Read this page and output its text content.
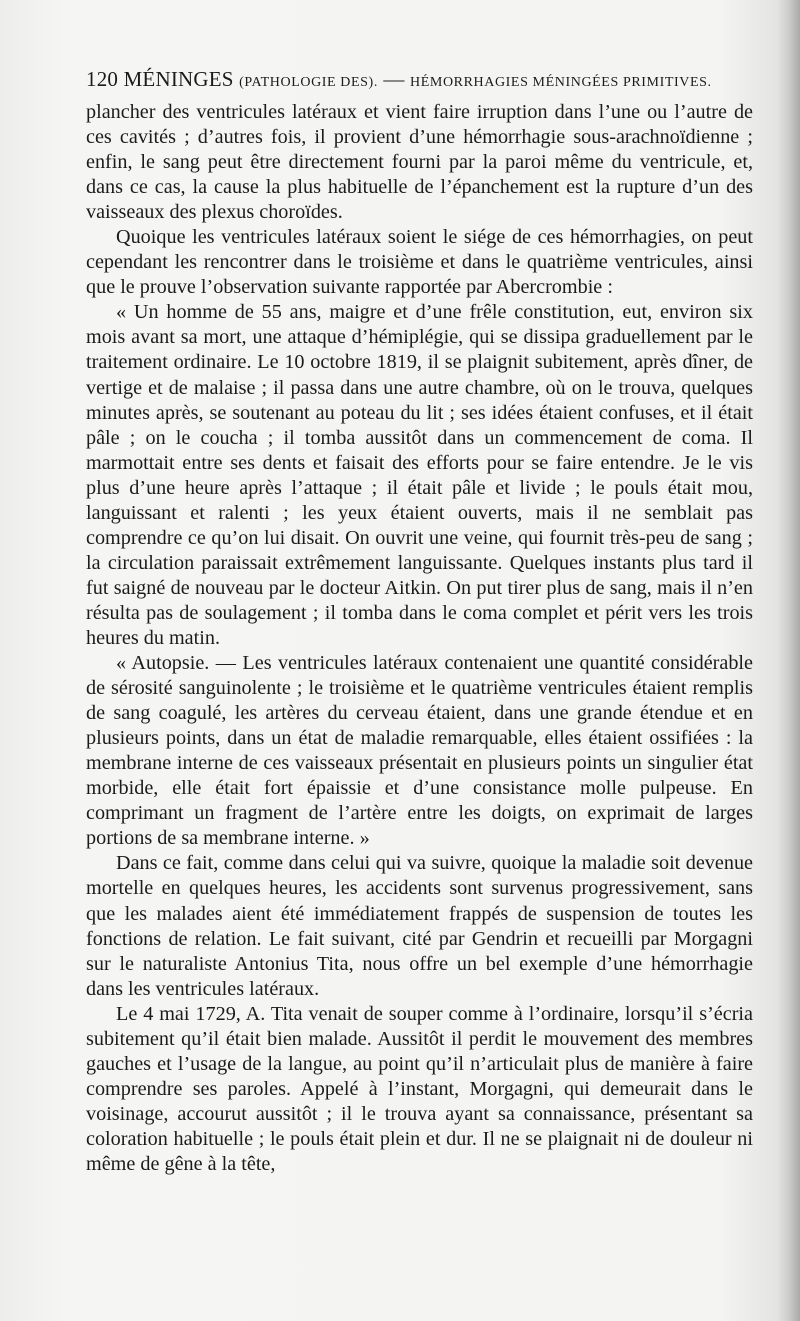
120 MÉNINGES (PATHOLOGIE DES). — HÉMORRHAGIES MÉNINGÉES PRIMITIVES.

plancher des ventricules latéraux et vient faire irruption dans l’une ou l’autre de ces cavités ; d’autres fois, il provient d’une hémorrhagie sous-arachnoïdienne ; enfin, le sang peut être directement fourni par la paroi même du ventricule, et, dans ce cas, la cause la plus habituelle de l’épanchement est la rupture d’un des vaisseaux des plexus choroïdes.

Quoique les ventricules latéraux soient le siége de ces hémorrhagies, on peut cependant les rencontrer dans le troisième et dans le quatrième ventricules, ainsi que le prouve l’observation suivante rapportée par Abercrombie :

« Un homme de 55 ans, maigre et d’une frêle constitution, eut, environ six mois avant sa mort, une attaque d’hémiplégie, qui se dissipa graduellement par le traitement ordinaire. Le 10 octobre 1819, il se plaignit subitement, après dîner, de vertige et de malaise ; il passa dans une autre chambre, où on le trouva, quelques minutes après, se soutenant au poteau du lit ; ses idées étaient confuses, et il était pâle ; on le coucha ; il tomba aussitôt dans un commencement de coma. Il marmottait entre ses dents et faisait des efforts pour se faire entendre. Je le vis plus d’une heure après l’attaque ; il était pâle et livide ; le pouls était mou, languissant et ralenti ; les yeux étaient ouverts, mais il ne semblait pas comprendre ce qu’on lui disait. On ouvrit une veine, qui fournit très-peu de sang ; la circulation paraissait extrêmement languissante. Quelques instants plus tard il fut saigné de nouveau par le docteur Aitkin. On put tirer plus de sang, mais il n’en résulta pas de soulagement ; il tomba dans le coma complet et périt vers les trois heures du matin.

« Autopsie. — Les ventricules latéraux contenaient une quantité considérable de sérosité sanguinolente ; le troisième et le quatrième ventricules étaient remplis de sang coagulé, les artères du cerveau étaient, dans une grande étendue et en plusieurs points, dans un état de maladie remarquable, elles étaient ossifiées : la membrane interne de ces vaisseaux présentait en plusieurs points un singulier état morbide, elle était fort épaissie et d’une consistance molle pulpeuse. En comprimant un fragment de l’artère entre les doigts, on exprimait de larges portions de sa membrane interne. »

Dans ce fait, comme dans celui qui va suivre, quoique la maladie soit devenue mortelle en quelques heures, les accidents sont survenus progressivement, sans que les malades aient été immédiatement frappés de suspension de toutes les fonctions de relation. Le fait suivant, cité par Gendrin et recueilli par Morgagni sur le naturaliste Antonius Tita, nous offre un bel exemple d’une hémorrhagie dans les ventricules latéraux.

Le 4 mai 1729, A. Tita venait de souper comme à l’ordinaire, lorsqu’il s’écria subitement qu’il était bien malade. Aussitôt il perdit le mouvement des membres gauches et l’usage de la langue, au point qu’il n’articulait plus de manière à faire comprendre ses paroles. Appelé à l’instant, Morgagni, qui demeurait dans le voisinage, accourut aussitôt ; il le trouva ayant sa connaissance, présentant sa coloration habituelle ; le pouls était plein et dur. Il ne se plaignait ni de douleur ni même de gêne à la tête,
